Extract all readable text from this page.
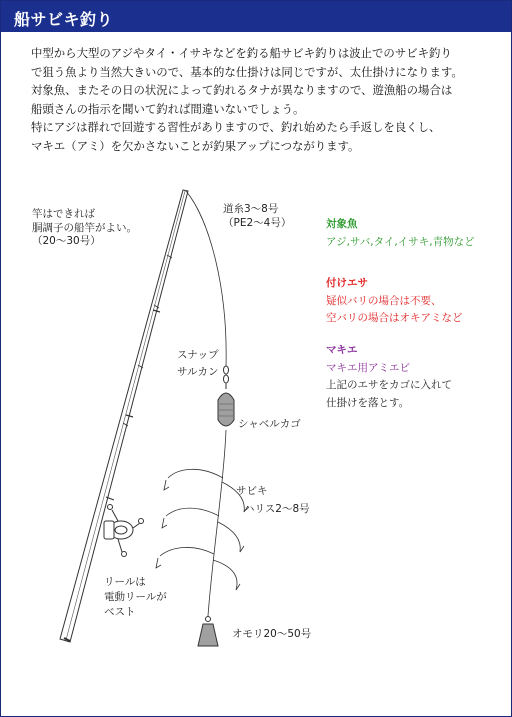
船サビキ釣り
中型から大型のアジやタイ・イサキなどを釣る船サビキ釣りは波止でのサビキ釣り
で狙う魚より当然大きいので、基本的な仕掛けは同じですが、太仕掛けになります。
対象魚、またその日の状況によって釣れるタナが異なりますので、遊漁船の場合は
船頭さんの指示を聞いて釣れば間違いないでしょう。
特にアジは群れで回遊する習性がありますので、釣れ始めたら手返しを良くし、
マキエ（アミ）を欠かさないことが釣果アップにつながります。
竿はできれば
胴調子の船竿がよい。
（20〜30号）
道糸3〜8号
（PE2〜4号）
スナップ
サルカン
シャベルカゴ
サビキ
ハリス2〜8号
リールは
電動リールが
ベスト
オモリ20〜50号
対象魚
アジ,サバ,タイ,イサキ,青物など
付けエサ
疑似バリの場合は不要、
空バリの場合はオキアミなど
マキエ
マキエ用アミエビ
上記のエサをカゴに入れて
仕掛けを落とす。
